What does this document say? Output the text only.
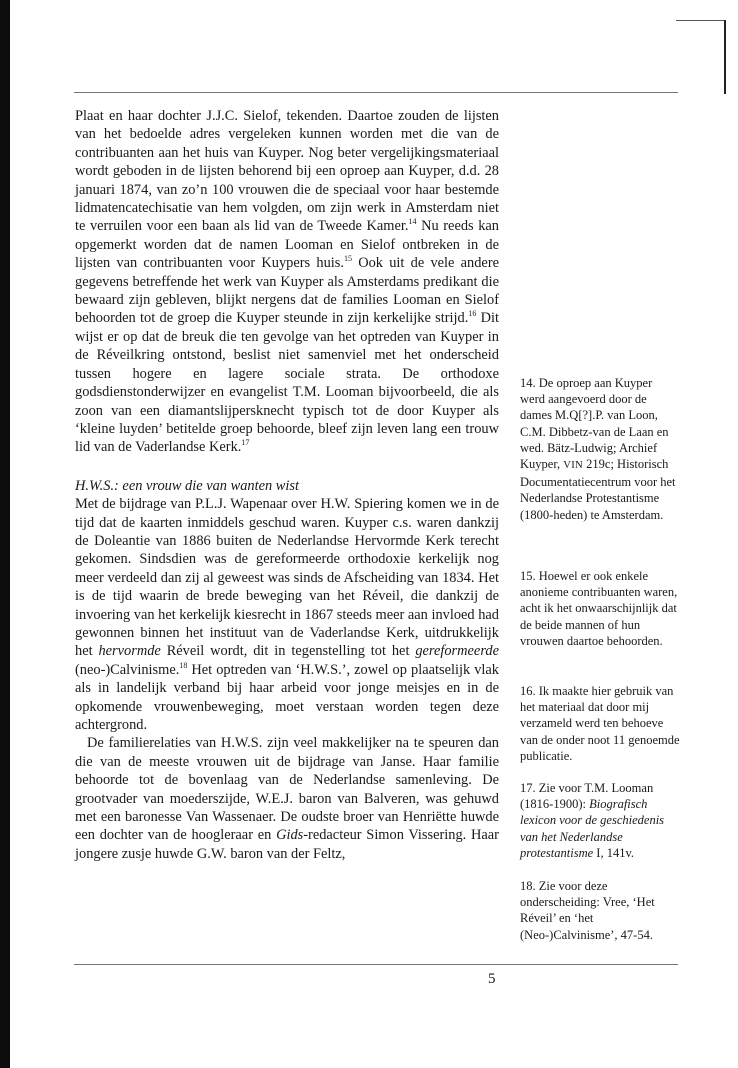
Plaat en haar dochter J.J.C. Sielof, tekenden. Daartoe zouden de lijsten van het bedoelde adres vergeleken kunnen worden met die van de contribuanten aan het huis van Kuyper. Nog beter vergelijkingsmateriaal wordt geboden in de lijsten behorend bij een oproep aan Kuyper, d.d. 28 januari 1874, van zo’n 100 vrouwen die de speciaal voor haar bestemde lidmatencatechisatie van hem volgden, om zijn werk in Amsterdam niet te verruilen voor een baan als lid van de Tweede Kamer.$^{14}$ Nu reeds kan opgemerkt worden dat de namen Looman en Sielof ontbreken in de lijsten van contribuanten voor Kuypers huis.$^{15}$ Ook uit de vele andere gegevens betreffende het werk van Kuyper als Amsterdams predikant die bewaard zijn gebleven, blijkt nergens dat de families Looman en Sielof behoorden tot de groep die Kuyper steunde in zijn kerkelijke strijd.$^{16}$ Dit wijst er op dat de breuk die ten gevolge van het optreden van Kuyper in de Réveilkring ontstond, beslist niet samenviel met het onderscheid tussen hogere en lagere sociale strata. De orthodoxe godsdienstonderwijzer en evangelist T.M. Looman bijvoorbeeld, die als zoon van een diamantslijpersknecht typisch tot de door Kuyper als ‘kleine luyden’ betitelde groep behoorde, bleef zijn leven lang een trouw lid van de Vaderlandse Kerk.$^{17}$

H.W.S.: een vrouw die van wanten wist

Met de bijdrage van P.L.J. Wapenaar over H.W. Spiering komen we in de tijd dat de kaarten inmiddels geschud waren. Kuyper c.s. waren dankzij de Doleantie van 1886 buiten de Nederlandse Hervormde Kerk terecht gekomen. Sindsdien was de gereformeerde orthodoxie kerkelijk nog meer verdeeld dan zij al geweest was sinds de Afscheiding van 1834. Het is de tijd waarin de brede beweging van het Réveil, die dankzij de invoering van het kerkelijk kiesrecht in 1867 steeds meer aan invloed had gewonnen binnen het instituut van de Vaderlandse Kerk, uitdrukkelijk het hervormde Réveil wordt, dit in tegenstelling tot het gereformeerde (neo-)Calvinisme.$^{18}$ Het optreden van ‘H.W.S.’, zowel op plaatselijk vlak als in landelijk verband bij haar arbeid voor jonge meisjes en in de opkomende vrouwenbeweging, moet verstaan worden tegen deze achtergrond.

De familierelaties van H.W.S. zijn veel makkelijker na te speuren dan die van de meeste vrouwen uit de bijdrage van Janse. Haar familie behoorde tot de bovenlaag van de Nederlandse samenleving. De grootvader van moederszijde, W.E.J. baron van Balveren, was gehuwd met een baronesse Van Wassenaer. De oudste broer van Henriëtte huwde een dochter van de hoogleraar en Gids-redacteur Simon Vissering. Haar jongere zusje huwde G.W. baron van der Feltz,

14. De oproep aan Kuyper werd aangevoerd door de dames M.Q[?].P. van Loon, C.M. Dibbetz-van de Laan en wed. Bätz-Ludwig; Archief Kuyper, VIN 219c; Historisch Documentatiecentrum voor het Nederlandse Protestantisme (1800-heden) te Amsterdam.

15. Hoewel er ook enkele anonieme contribuanten waren, acht ik het onwaarschijnlijk dat de beide mannen of hun vrouwen daartoe behoorden.

16. Ik maakte hier gebruik van het materiaal dat door mij verzameld werd ten behoeve van de onder noot 11 genoemde publicatie.

17. Zie voor T.M. Looman (1816-1900): Biografisch lexicon voor de geschiedenis van het Nederlandse protestantisme I, 141v.

18. Zie voor deze onderscheiding: Vree, ‘Het Réveil’ en ‘het (Neo-)Calvinisme’, 47-54.

5
